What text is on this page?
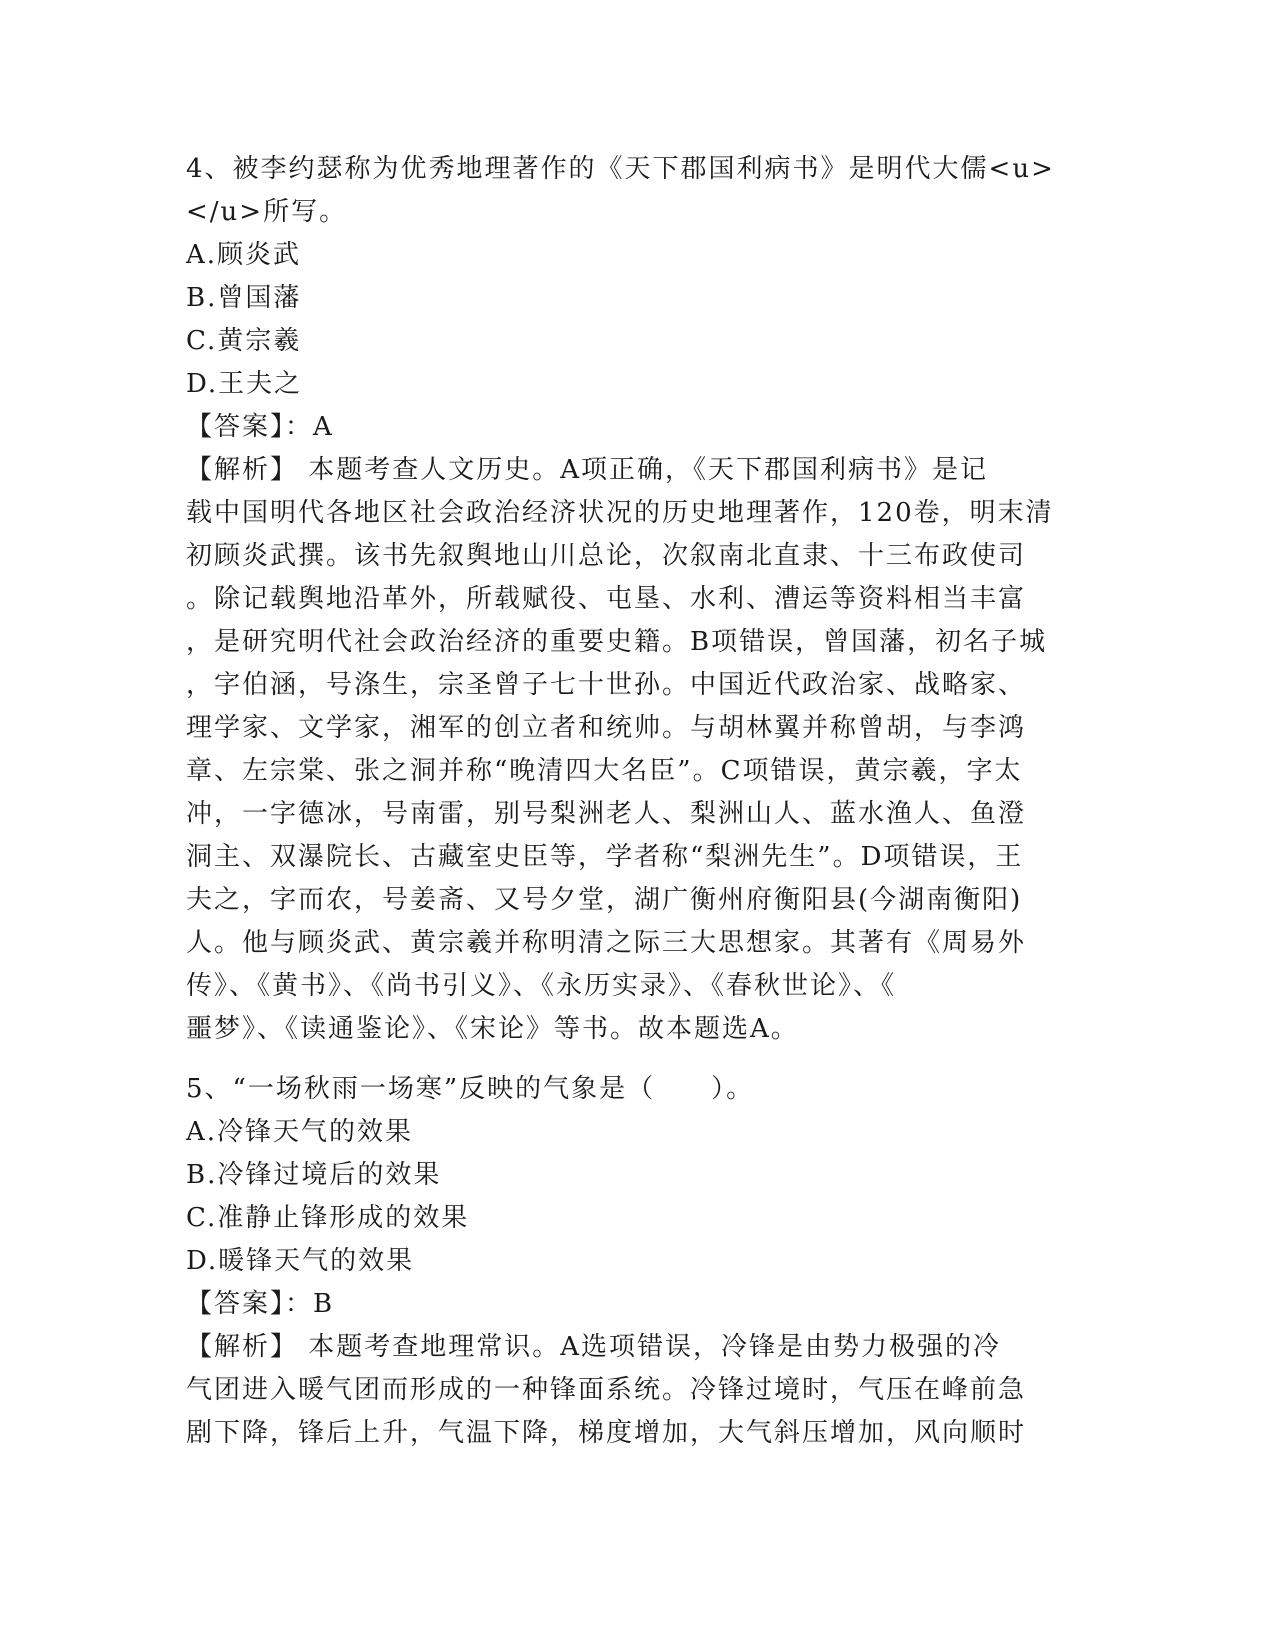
4、被李约瑟称为优秀地理著作的《天下郡国利病书》是明代大儒<u>
</u>所写。
A.顾炎武
B.曾国藩
C.黄宗羲
D.王夫之
【答案】：A
【解析】 本题考查人文历史。A项正确，《天下郡国利病书》是记
载中国明代各地区社会政治经济状况的历史地理著作，120卷，明末清
初顾炎武撰。该书先叙舆地山川总论，次叙南北直隶、十三布政使司
。除记载舆地沿革外，所载赋役、屯垦、水利、漕运等资料相当丰富
，是研究明代社会政治经济的重要史籍。B项错误，曾国藩，初名子城
，字伯涵，号涤生，宗圣曾子七十世孙。中国近代政治家、战略家、
理学家、文学家，湘军的创立者和统帅。与胡林翼并称曾胡，与李鸿
章、左宗棠、张之洞并称“晚清四大名臣”。C项错误，黄宗羲，字太
冲，一字德冰，号南雷，别号梨洲老人、梨洲山人、蓝水渔人、鱼澄
洞主、双瀑院长、古藏室史臣等，学者称“梨洲先生”。D项错误，王
夫之，字而农，号姜斋、又号夕堂，湖广衡州府衡阳县(今湖南衡阳)
人。他与顾炎武、黄宗羲并称明清之际三大思想家。其著有《周易外
传》、《黄书》、《尚书引义》、《永历实录》、《春秋世论》、《
噩梦》、《读通鉴论》、《宋论》等书。故本题选A。
5、“一场秋雨一场寒”反映的气象是（　　）。
A.冷锋天气的效果
B.冷锋过境后的效果
C.准静止锋形成的效果
D.暖锋天气的效果
【答案】：B
【解析】 本题考查地理常识。A选项错误，冷锋是由势力极强的冷
气团进入暖气团而形成的一种锋面系统。冷锋过境时，气压在峰前急
剧下降，锋后上升，气温下降，梯度增加，大气斜压增加，风向顺时
